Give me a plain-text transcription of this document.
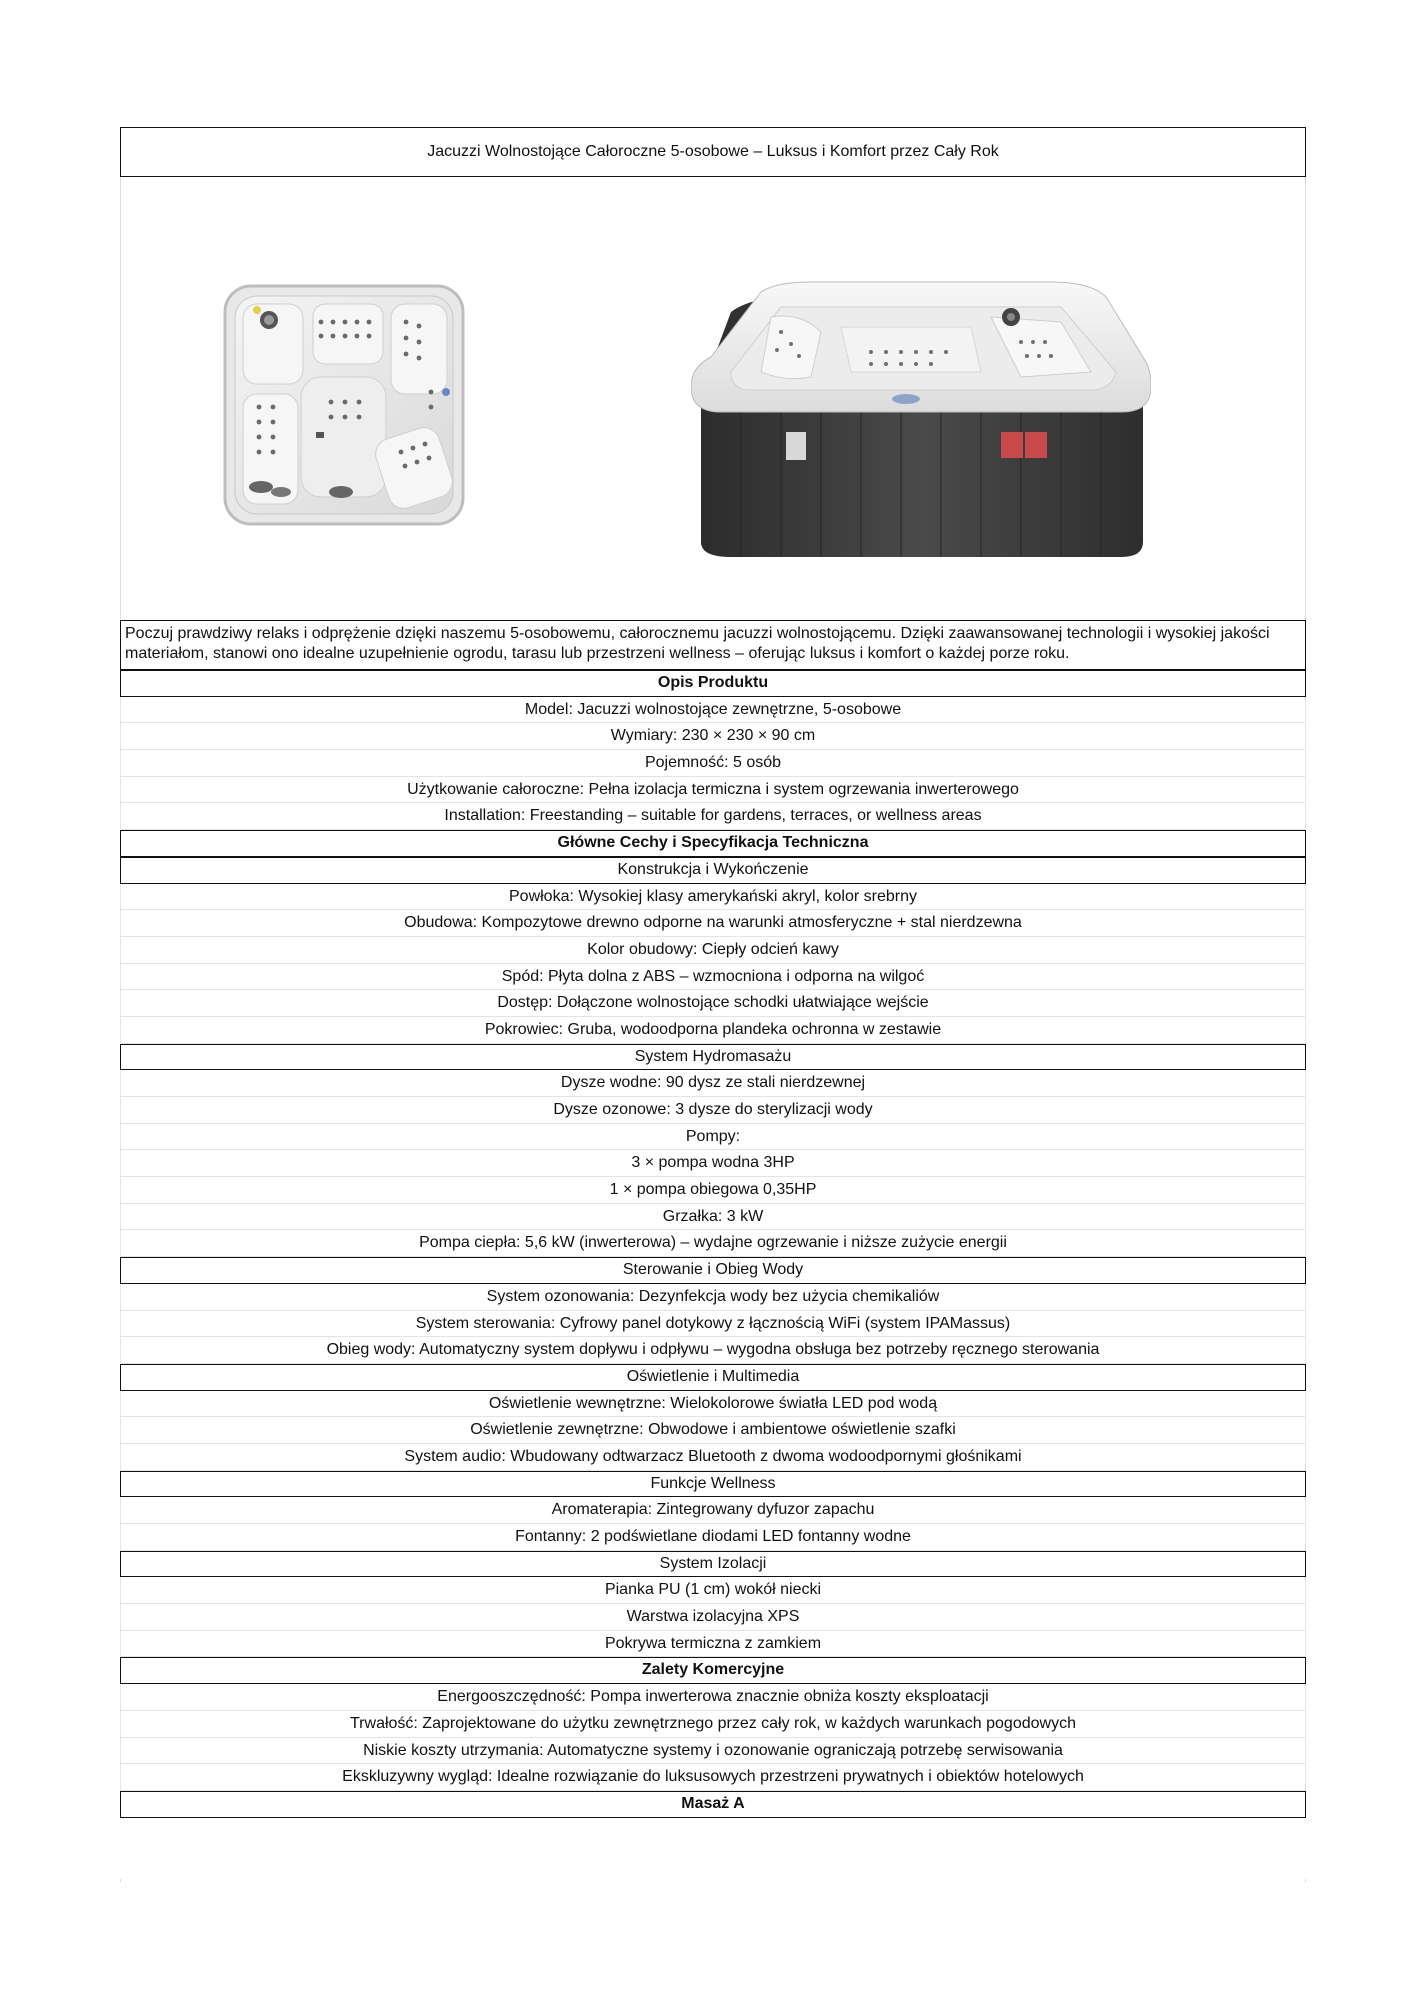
Jacuzzi Wolnostojące Całoroczne 5-osobowe – Luksus i Komfort przez Cały Rok
Poczuj prawdziwy relaks i odprężenie dzięki naszemu 5-osobowemu, całorocznemu jacuzzi wolnostojącemu. Dzięki zaawansowanej technologii i wysokiej jakości materiałom, stanowi ono idealne uzupełnienie ogrodu, tarasu lub przestrzeni wellness – oferując luksus i komfort o każdej porze roku.
Opis Produktu
Model: Jacuzzi wolnostojące zewnętrzne, 5-osobowe
Wymiary: 230 × 230 × 90 cm
Pojemność: 5 osób
Użytkowanie całoroczne: Pełna izolacja termiczna i system ogrzewania inwerterowego
Installation: Freestanding – suitable for gardens, terraces, or wellness areas
Główne Cechy i Specyfikacja Techniczna
Konstrukcja i Wykończenie
Powłoka: Wysokiej klasy amerykański akryl, kolor srebrny
Obudowa: Kompozytowe drewno odporne na warunki atmosferyczne + stal nierdzewna
Kolor obudowy: Ciepły odcień kawy
Spód: Płyta dolna z ABS – wzmocniona i odporna na wilgoć
Dostęp: Dołączone wolnostojące schodki ułatwiające wejście
Pokrowiec: Gruba, wodoodporna plandeka ochronna w zestawie
System Hydromasażu
Dysze wodne: 90 dysz ze stali nierdzewnej
Dysze ozonowe: 3 dysze do sterylizacji wody
Pompy:
3 × pompa wodna 3HP
1 × pompa obiegowa 0,35HP
Grzałka: 3 kW
Pompa ciepła: 5,6 kW (inwerterowa) – wydajne ogrzewanie i niższe zużycie energii
Sterowanie i Obieg Wody
System ozonowania: Dezynfekcja wody bez użycia chemikaliów
System sterowania: Cyfrowy panel dotykowy z łącznością WiFi (system IPAMassus)
Obieg wody: Automatyczny system dopływu i odpływu – wygodna obsługa bez potrzeby ręcznego sterowania
Oświetlenie i Multimedia
Oświetlenie wewnętrzne: Wielokolorowe światła LED pod wodą
Oświetlenie zewnętrzne: Obwodowe i ambientowe oświetlenie szafki
System audio: Wbudowany odtwarzacz Bluetooth z dwoma wodoodpornymi głośnikami
Funkcje Wellness
Aromaterapia: Zintegrowany dyfuzor zapachu
Fontanny: 2 podświetlane diodami LED fontanny wodne
System Izolacji
Pianka PU (1 cm) wokół niecki
Warstwa izolacyjna XPS
Pokrywa termiczna z zamkiem
Zalety Komercyjne
Energooszczędność: Pompa inwerterowa znacznie obniża koszty eksploatacji
Trwałość: Zaprojektowane do użytku zewnętrznego przez cały rok, w każdych warunkach pogodowych
Niskie koszty utrzymania: Automatyczne systemy i ozonowanie ograniczają potrzebę serwisowania
Ekskluzywny wygląd: Idealne rozwiązanie do luksusowych przestrzeni prywatnych i obiektów hotelowych
Masaż A
